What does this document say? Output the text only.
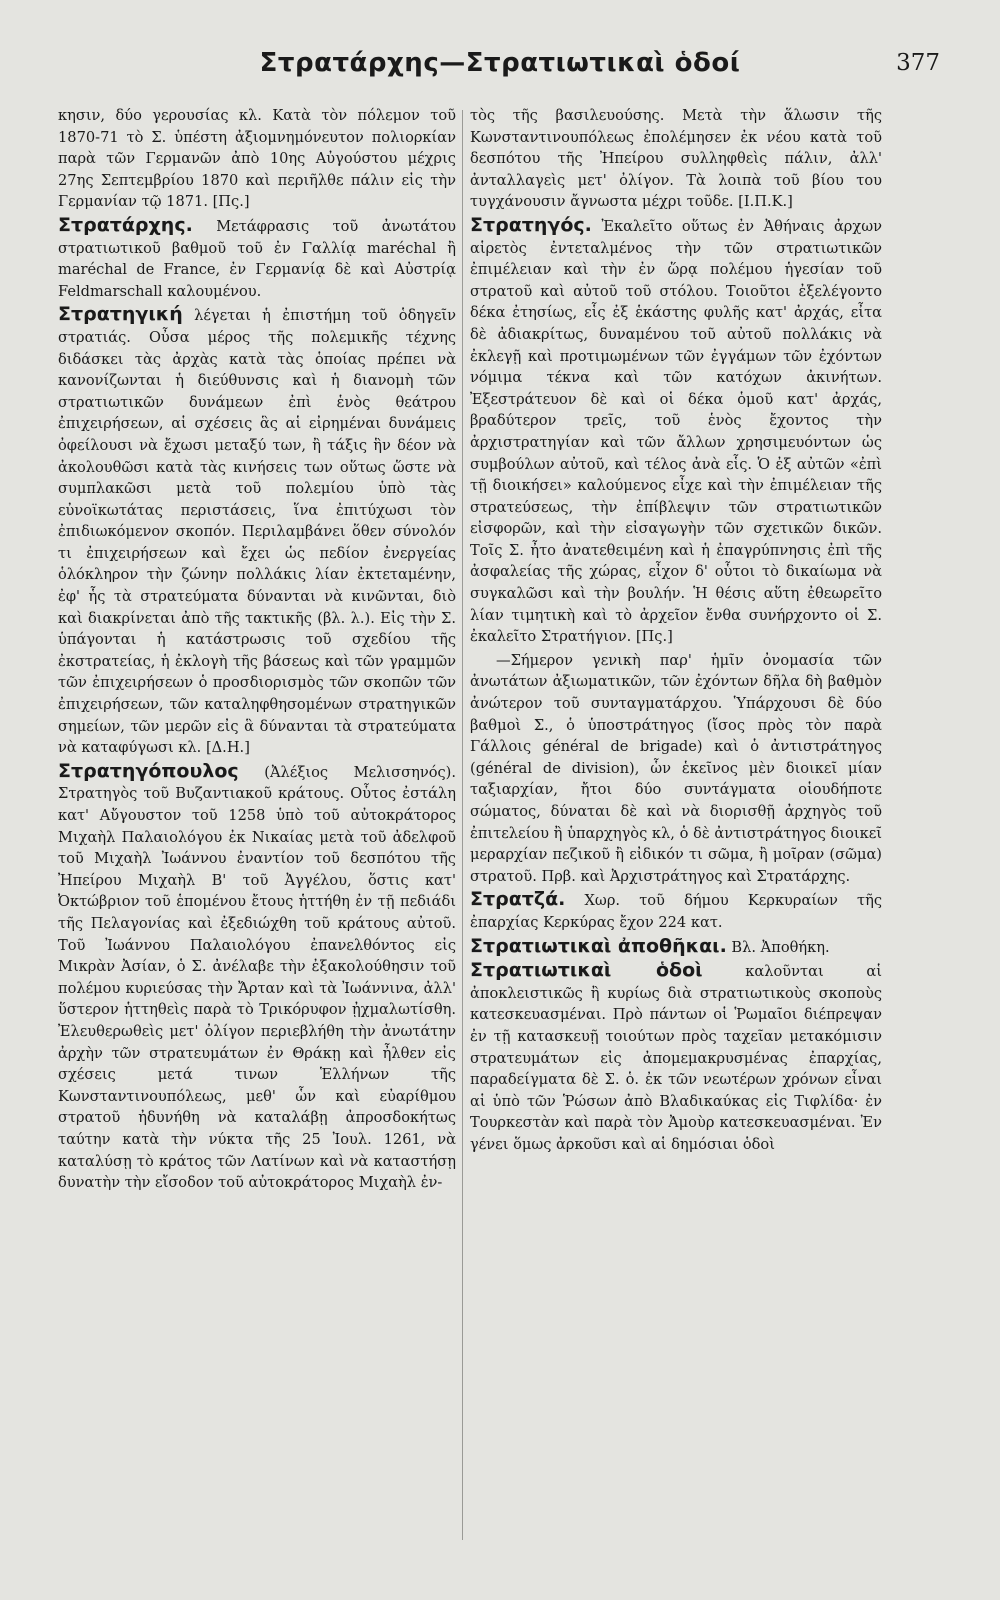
Στρατάρχης—Στρατιωτικαὶ ὁδοί	377

κησιν, δύο γερουσίας κλ. Κατὰ τὸν πόλεμον τοῦ 1870-71 τὸ Σ. ὑπέστη ἀξιομνημόνευτον πολιορκίαν παρὰ τῶν Γερμανῶν ἀπὸ 10ης Αὐγούστου μέχρις 27ης Σεπτεμβρίου 1870 καὶ περιῆλθε πάλιν εἰς τὴν Γερμανίαν τῷ 1871. [Πς.]

Στρατάρχης. Μετάφρασις τοῦ ἀνωτάτου στρατιωτικοῦ βαθμοῦ τοῦ ἐν Γαλλίᾳ maréchal ἢ maréchal de France, ἐν Γερμανίᾳ δὲ καὶ Αὐστρίᾳ Feldmarschall καλουμένου.

Στρατηγική λέγεται ἡ ἐπιστήμη τοῦ ὁδηγεῖν στρατιάς. Οὖσα μέρος τῆς πολεμικῆς τέχνης διδάσκει τὰς ἀρχὰς κατὰ τὰς ὁποίας πρέπει νὰ κανονίζωνται ἡ διεύθυνσις καὶ ἡ διανομὴ τῶν στρατιωτικῶν δυνάμεων ἐπὶ ἑνὸς θεάτρου ἐπιχειρήσεων, αἱ σχέσεις ἃς αἱ εἰρημέναι δυνάμεις ὀφείλουσι νὰ ἔχωσι μεταξύ των, ἢ τάξις ἣν δέον νὰ ἀκολουθῶσι κατὰ τὰς κινήσεις των οὕτως ὥστε νὰ συμπλακῶσι μετὰ τοῦ πολεμίου ὑπὸ τὰς εὐνοϊκωτάτας περιστάσεις, ἵνα ἐπιτύχωσι τὸν ἐπιδιωκόμενον σκοπόν. Περιλαμβάνει ὅθεν σύνολόν τι ἐπιχειρήσεων καὶ ἔχει ὡς πεδίον ἐνεργείας ὁλόκληρον τὴν ζώνην πολλάκις λίαν ἐκτεταμένην, ἐφ' ἧς τὰ στρατεύματα δύνανται νὰ κινῶνται, διὸ καὶ διακρίνεται ἀπὸ τῆς τακτικῆς (βλ. λ.). Εἰς τὴν Σ. ὑπάγονται ἡ κατάστρωσις τοῦ σχεδίου τῆς ἐκστρατείας, ἡ ἐκλογὴ τῆς βάσεως καὶ τῶν γραμμῶν τῶν ἐπιχειρήσεων ὁ προσδιορισμὸς τῶν σκοπῶν τῶν ἐπιχειρήσεων, τῶν καταληφθησομένων στρατηγικῶν σημείων, τῶν μερῶν εἰς ἃ δύνανται τὰ στρατεύματα νὰ καταφύγωσι κλ. [Δ.Η.]

Στρατηγόπουλος (Ἀλέξιος Μελισσηνός). Στρατηγὸς τοῦ Βυζαντιακοῦ κράτους. Οὗτος ἐστάλη κατ' Αὔγουστον τοῦ 1258 ὑπὸ τοῦ αὐτοκράτορος Μιχαὴλ Παλαιολόγου ἐκ Νικαίας μετὰ τοῦ ἀδελφοῦ τοῦ Μιχαὴλ Ἰωάννου ἐναντίον τοῦ δεσπότου τῆς Ἠπείρου Μιχαὴλ Β' τοῦ Ἀγγέλου, ὅστις κατ' Ὀκτώβριον τοῦ ἑπομένου ἔτους ἡττήθη ἐν τῇ πεδιάδι τῆς Πελαγονίας καὶ ἐξεδιώχθη τοῦ κράτους αὐτοῦ. Τοῦ Ἰωάννου Παλαιολόγου ἐπανελθόντος εἰς Μικρὰν Ἀσίαν, ὁ Σ. ἀνέλαβε τὴν ἐξακολούθησιν τοῦ πολέμου κυριεύσας τὴν Ἄρταν καὶ τὰ Ἰωάννινα, ἀλλ' ὕστερον ἡττηθεὶς παρὰ τὸ Τρικόρυφον ᾐχμαλωτίσθη. Ἐλευθερωθεὶς μετ' ὀλίγον περιεβλήθη τὴν ἀνωτάτην ἀρχὴν τῶν στρατευμάτων ἐν Θράκῃ καὶ ἦλθεν εἰς σχέσεις μετά τινων Ἑλλήνων τῆς Κωνσταντινουπόλεως, μεθ' ὧν καὶ εὐαρίθμου στρατοῦ ἠδυνήθη νὰ καταλάβῃ ἀπροσδοκήτως ταύτην κατὰ τὴν νύκτα τῆς 25 Ἰουλ. 1261, νὰ καταλύσῃ τὸ κράτος τῶν Λατίνων καὶ νὰ καταστήσῃ δυνατὴν τὴν εἴσοδον τοῦ αὐτοκράτορος Μιχαὴλ ἐν-

τὸς τῆς βασιλευούσης. Μετὰ τὴν ἅλωσιν τῆς Κωνσταντινουπόλεως ἐπολέμησεν ἐκ νέου κατὰ τοῦ δεσπότου τῆς Ἠπείρου συλληφθεὶς πάλιν, ἀλλ' ἀνταλλαγεὶς μετ' ὀλίγον. Τὰ λοιπὰ τοῦ βίου του τυγχάνουσιν ἄγνωστα μέχρι τοῦδε. [Ι.Π.Κ.]

Στρατηγός. Ἐκαλεῖτο οὕτως ἐν Ἀθήναις ἀρχων αἱρετὸς ἐντεταλμένος τὴν τῶν στρατιωτικῶν ἐπιμέλειαν καὶ τὴν ἐν ὥρᾳ πολέμου ἡγεσίαν τοῦ στρατοῦ καὶ αὐτοῦ τοῦ στόλου. Τοιοῦτοι ἐξελέγοντο δέκα ἐτησίως, εἷς ἐξ ἑκάστης φυλῆς κατ' ἀρχάς, εἶτα δὲ ἀδιακρίτως, δυναμένου τοῦ αὐτοῦ πολλάκις νὰ ἐκλεγῇ καὶ προτιμωμένων τῶν ἐγγάμων τῶν ἐχόντων νόμιμα τέκνα καὶ τῶν κατόχων ἀκινήτων. Ἐξεστράτευον δὲ καὶ οἱ δέκα ὁμοῦ κατ' ἀρχάς, βραδύτερον τρεῖς, τοῦ ἑνὸς ἔχοντος τὴν ἀρχιστρατηγίαν καὶ τῶν ἄλλων χρησιμευόντων ὡς συμβούλων αὐτοῦ, καὶ τέλος ἀνὰ εἷς. Ὁ ἐξ αὐτῶν «ἐπὶ τῇ διοικήσει» καλούμενος εἶχε καὶ τὴν ἐπιμέλειαν τῆς στρατεύσεως, τὴν ἐπίβλεψιν τῶν στρατιωτικῶν εἰσφορῶν, καὶ τὴν εἰσαγωγὴν τῶν σχετικῶν δικῶν. Τοῖς Σ. ἦτο ἀνατεθειμένη καὶ ἡ ἐπαγρύπνησις ἐπὶ τῆς ἀσφαλείας τῆς χώρας, εἶχον δ' οὗτοι τὸ δικαίωμα νὰ συγκαλῶσι καὶ τὴν βουλήν. Ἡ θέσις αὕτη ἐθεωρεῖτο λίαν τιμητικὴ καὶ τὸ ἀρχεῖον ἔνθα συνήρχοντο οἱ Σ. ἐκαλεῖτο Στρατήγιον. [Πς.]

—Σήμερον γενικὴ παρ' ἡμῖν ὀνομασία τῶν ἀνωτάτων ἀξιωματικῶν, τῶν ἐχόντων δῆλα δὴ βαθμὸν ἀνώτερον τοῦ συνταγματάρχου. Ὑπάρχουσι δὲ δύο βαθμοὶ Σ., ὁ ὑποστράτηγος (ἴσος πρὸς τὸν παρὰ Γάλλοις général de brigade) καὶ ὁ ἀντιστράτηγος (général de division), ὧν ἑκεῖνος μὲν διοικεῖ μίαν ταξιαρχίαν, ἤτοι δύο συντάγματα οἱουδήποτε σώματος, δύναται δὲ καὶ νὰ διορισθῇ ἀρχηγὸς τοῦ ἐπιτελείου ἢ ὑπαρχηγὸς κλ, ὁ δὲ ἀντιστράτηγος διοικεῖ μεραρχίαν πεζικοῦ ἢ εἰδικόν τι σῶμα, ἢ μοῖραν (σῶμα) στρατοῦ. Πρβ. καὶ Ἀρχιστράτηγος καὶ Στρατάρχης.

Στρατζά. Χωρ. τοῦ δήμου Κερκυραίων τῆς ἐπαρχίας Κερκύρας ἔχον 224 κατ.

Στρατιωτικαὶ ἀποθῆκαι. Βλ. Ἀποθήκη.

Στρατιωτικαὶ ὁδοὶ καλοῦνται αἱ ἀποκλειστικῶς ἢ κυρίως διὰ στρατιωτικοὺς σκοποὺς κατεσκευασμέναι. Πρὸ πάντων οἱ Ῥωμαῖοι διέπρεψαν ἐν τῇ κατασκευῇ τοιούτων πρὸς ταχεῖαν μετακόμισιν στρατευμάτων εἰς ἀπομεμακρυσμένας ἐπαρχίας, παραδείγματα δὲ Σ. ὁ. ἐκ τῶν νεωτέρων χρόνων εἶναι αἱ ὑπὸ τῶν Ῥώσων ἀπὸ Βλαδικαύκας εἰς Τιφλίδα· ἐν Τουρκεστὰν καὶ παρὰ τὸν Ἀμοὺρ κατεσκευασμέναι. Ἐν γένει ὅμως ἀρκοῦσι καὶ αἱ δημόσιαι ὁδοὶ
